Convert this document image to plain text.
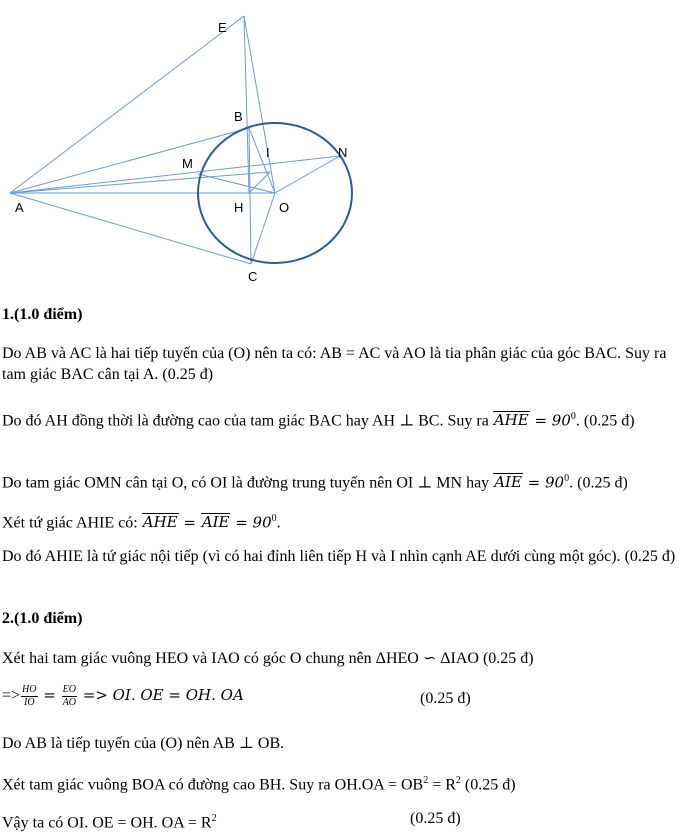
E
B
M
I	N
A	H	O
C
1.(1.0 điểm)
Do AB và AC là hai tiếp tuyến của (O) nên ta có: AB = AC và AO là tia phân giác của góc BAC. Suy ra tam giác BAC cân tại A. (0.25 đ)
Do đó AH đồng thời là đường cao của tam giác BAC hay AH ⊥ BC. Suy ra AHE = $90^0$. (0.25 đ)
Do tam giác OMN cân tại O, có OI là đường trung tuyến nên OI ⊥ MN hay AIE = $90^0$. (0.25 đ)
Xét tứ giác AHIE có: AHE = AIE = $90^0$.
Do đó AHIE là tứ giác nội tiếp (vì có hai đỉnh liên tiếp H và I nhìn cạnh AE dưới cùng một góc). (0.25 đ)
2.(1.0 điểm)
Xét hai tam giác vuông HEO và IAO có góc O chung nên ΔHEO ∽ ΔIAO (0.25 đ)
=> $\frac{HO}{IO} = \frac{EO}{AO}$ => OI. OE = OH. OA	(0.25 đ)
Do AB là tiếp tuyến của (O) nên AB ⊥ OB.
Xét tam giác vuông BOA có đường cao BH. Suy ra $OH.OA = OB^2 = R^2$ (0.25 đ)
Vậy ta có OI. OE = OH. OA = $R^2$	(0.25 đ)
